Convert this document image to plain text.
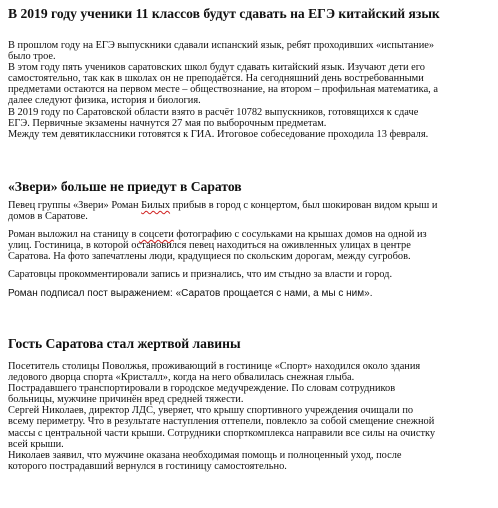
В 2019 году ученики 11 классов будут сдавать на ЕГЭ китайский язык
В прошлом году на ЕГЭ выпускники сдавали испанский язык, ребят проходивших «испытание»
было трое.
В этом году пять учеников саратовских школ будут сдавать китайский язык. Изучают дети его
самостоятельно, так как в школах он не преподаётся. На сегодняшний день востребованными
предметами остаются на первом месте – обществознание, на втором – профильная математика, а
далее следуют физика, история и биология.
В 2019 году по Саратовской области взято в расчёт 10782 выпускников, готовящихся к сдаче
ЕГЭ. Первичные экзамены начнутся 27 мая по выборочным предметам.
Между тем девятиклассники готовятся к ГИА. Итоговое собеседование проходила 13 февраля.
«Звери» больше не приедут в Саратов
Певец группы «Звери» Роман Билых прибыв в город с концертом, был шокирован видом крыш и
домов в Саратове.
Роман выложил на станицу в соцсети фотографию с сосульками на крышах домов на одной из
улиц. Гостиница, в которой остановился певец находиться на оживленных улицах в центре
Саратова. На фото запечатлены люди, крадущиеся по скольским дорогам, между сугробов.
Саратовцы прокомментировали запись и признались, что им стыдно за власти и город.
Роман подписал пост выражением: «Саратов прощается с нами, а мы с ним».
Гость Саратова стал жертвой лавины
Посетитель столицы Поволжья, проживающий в гостинице «Спорт» находился около здания
ледового дворца спорта «Кристалл», когда на него обвалилась снежная глыба.
Пострадавшего транспортировали в городское медучреждение. По словам сотрудников
больницы, мужчине причинён вред средней тяжести.
Сергей Николаев, директор ЛДС, уверяет, что крышу спортивного учреждения очищали по
всему периметру. Что в результате наступления оттепели, повлекло за собой смещение снежной
массы с центральной части крыши. Сотрудники спорткомплекса направили все силы на очистку
всей крыши.
Николаев заявил, что мужчине оказана необходимая помощь и полноценный уход, после
которого пострадавший вернулся в гостиницу самостоятельно.
